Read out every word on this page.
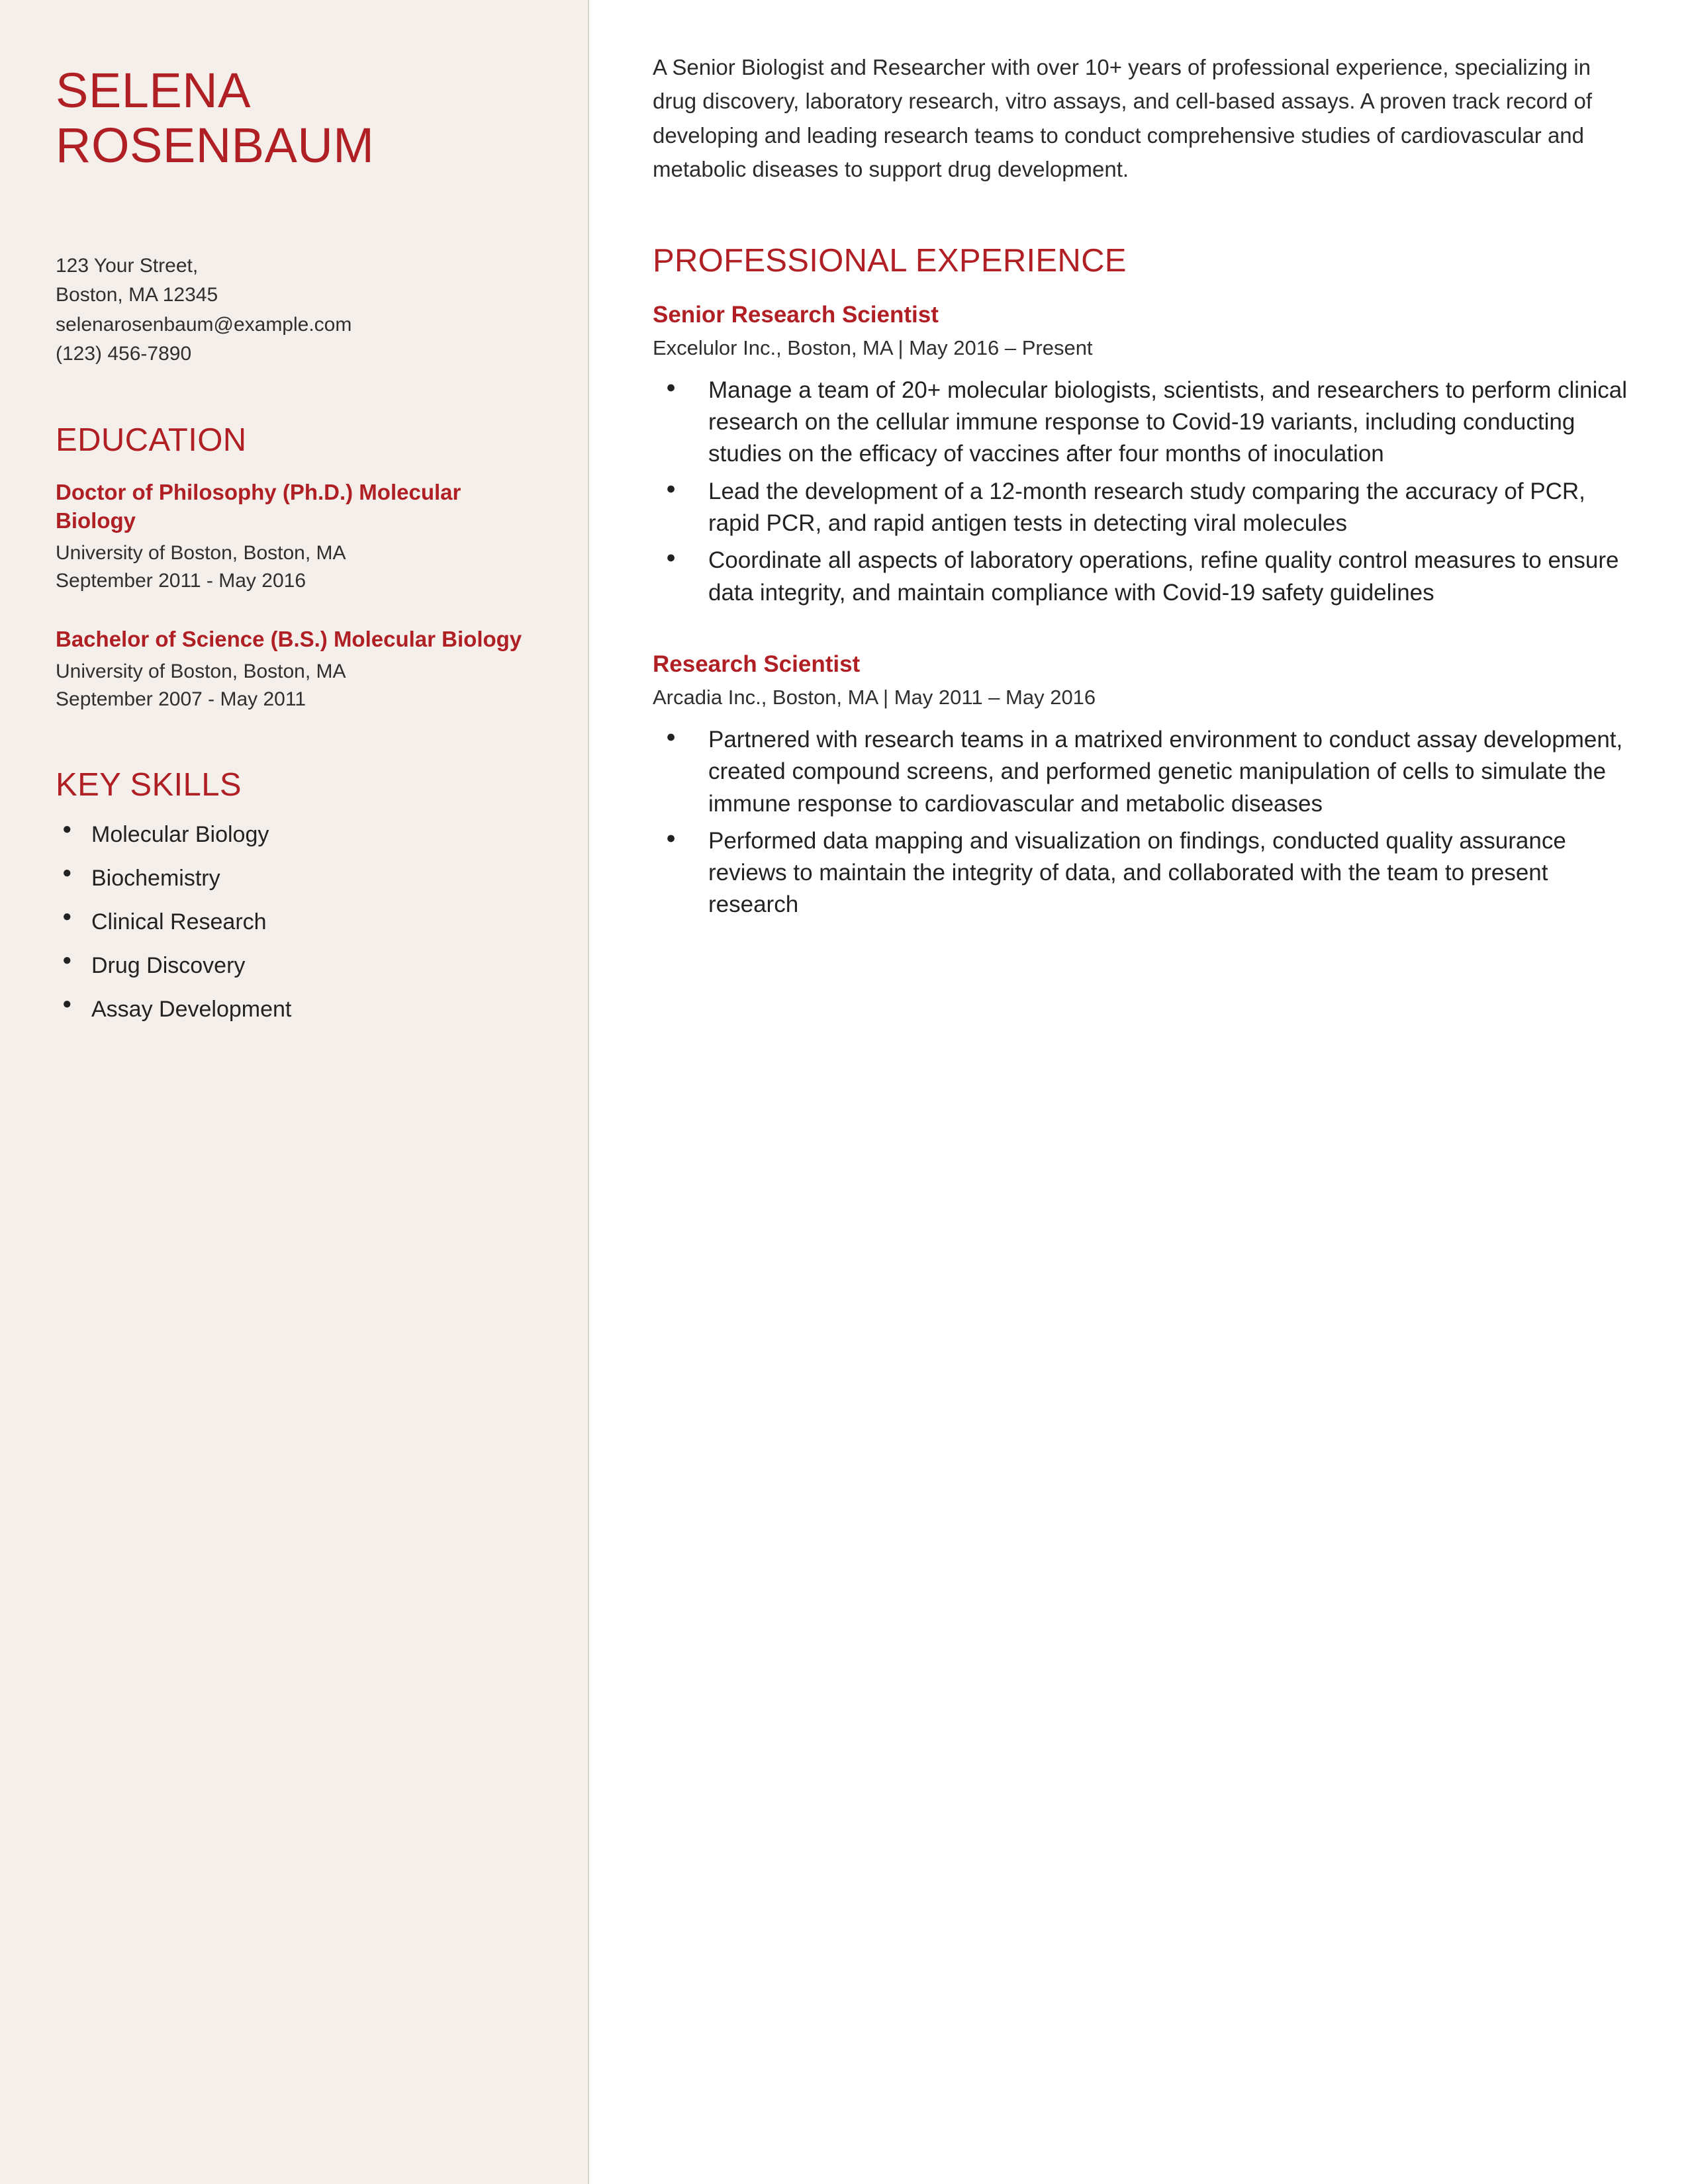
SELENA
ROSENBAUM
123 Your Street,
Boston, MA 12345
selenarosenbaum@example.com
(123) 456-7890
EDUCATION
Doctor of Philosophy (Ph.D.) Molecular Biology
University of Boston, Boston, MA
September 2011 - May 2016
Bachelor of Science (B.S.) Molecular Biology
University of Boston, Boston, MA
September 2007 - May 2011
KEY SKILLS
● Molecular Biology
● Biochemistry
● Clinical Research
● Drug Discovery
● Assay Development

A Senior Biologist and Researcher with over 10+ years of professional experience, specializing in drug discovery, laboratory research, vitro assays, and cell-based assays. A proven track record of developing and leading research teams to conduct comprehensive studies of cardiovascular and metabolic diseases to support drug development.

PROFESSIONAL EXPERIENCE
Senior Research Scientist
Excelulor Inc., Boston, MA | May 2016 – Present
● Manage a team of 20+ molecular biologists, scientists, and researchers to perform clinical research on the cellular immune response to Covid-19 variants, including conducting studies on the efficacy of vaccines after four months of inoculation
● Lead the development of a 12-month research study comparing the accuracy of PCR, rapid PCR, and rapid antigen tests in detecting viral molecules
● Coordinate all aspects of laboratory operations, refine quality control measures to ensure data integrity, and maintain compliance with Covid-19 safety guidelines
Research Scientist
Arcadia Inc., Boston, MA | May 2011 – May 2016
● Partnered with research teams in a matrixed environment to conduct assay development, created compound screens, and performed genetic manipulation of cells to simulate the immune response to cardiovascular and metabolic diseases
● Performed data mapping and visualization on findings, conducted quality assurance reviews to maintain the integrity of data, and collaborated with the team to present research
